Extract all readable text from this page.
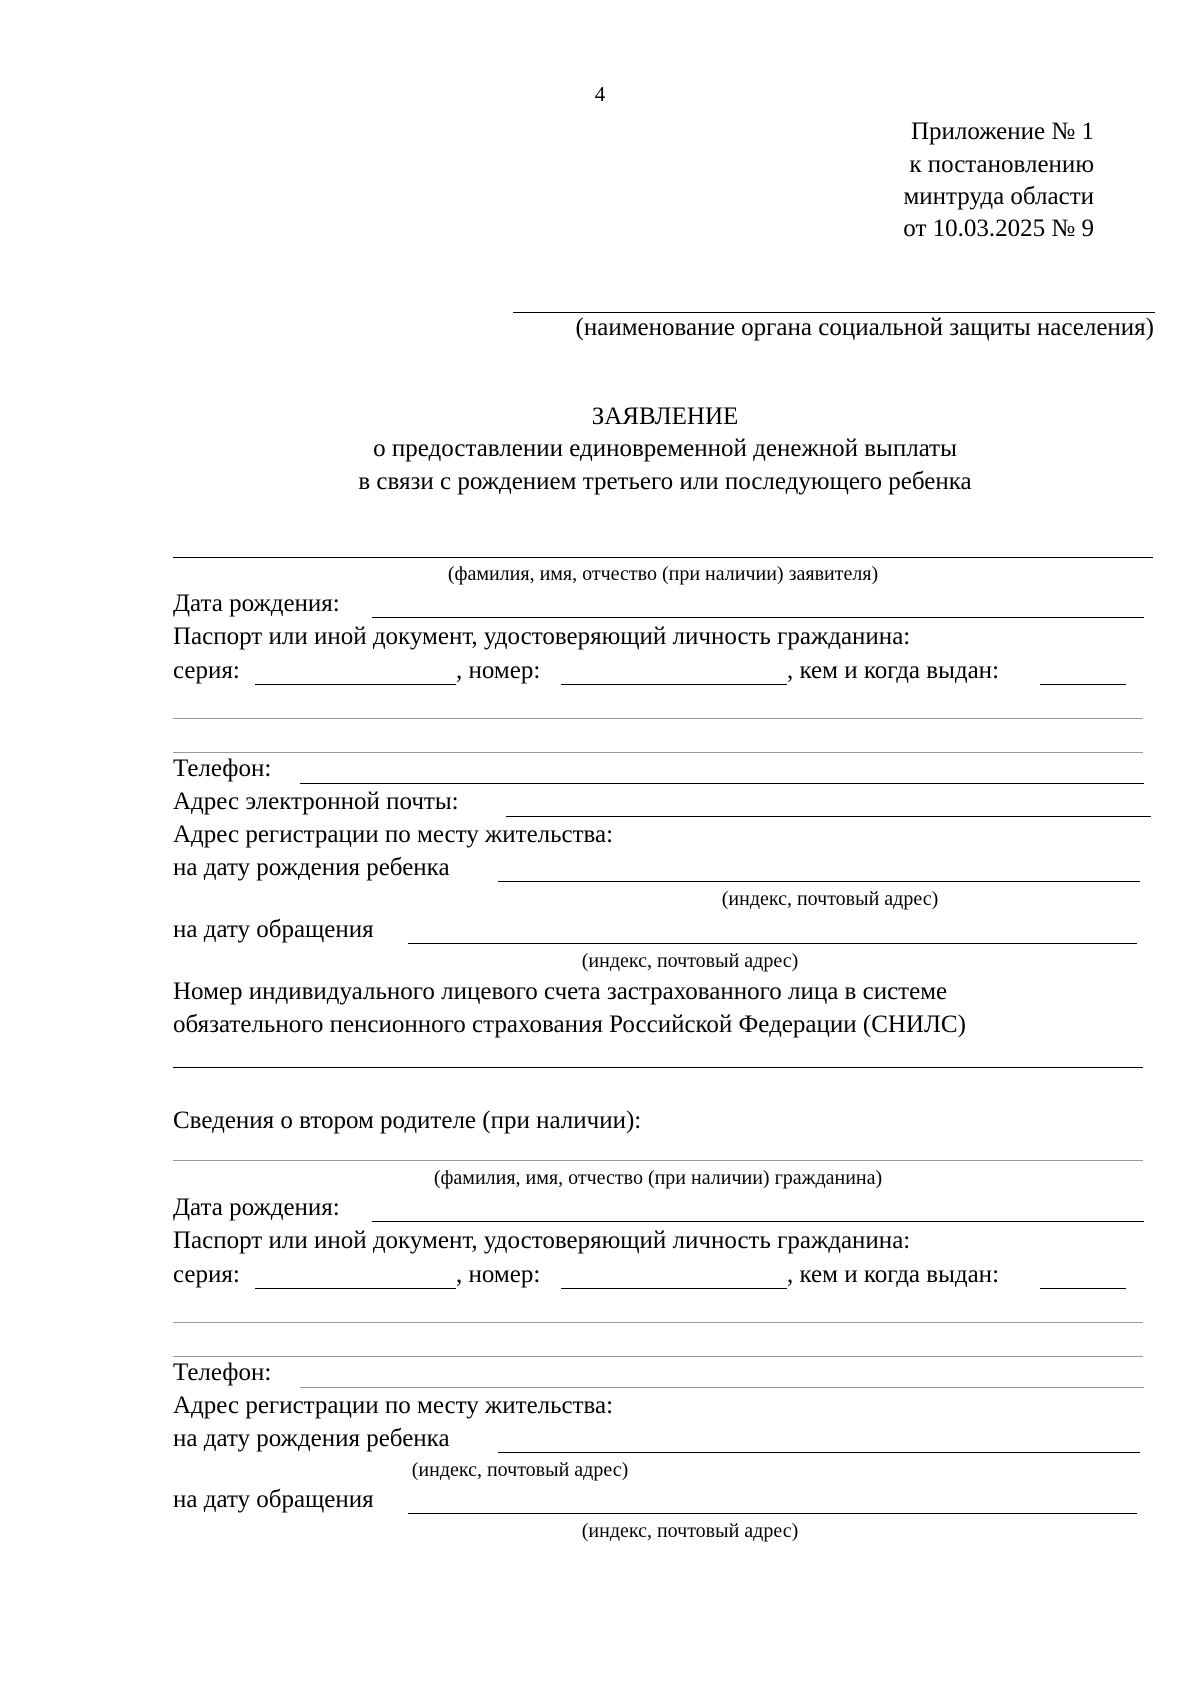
4
Приложение № 1
к постановлению
минтруда области
от 10.03.2025 № 9
(наименование органа социальной защиты населения)
ЗАЯВЛЕНИЕ
о предоставлении единовременной денежной выплаты
в связи с рождением третьего или последующего ребенка
(фамилия, имя, отчество (при наличии) заявителя)
Дата рождения:
Паспорт или иной документ, удостоверяющий личность гражданина:
серия:	, номер:	, кем и когда выдан:
Телефон:
Адрес электронной почты:
Адрес регистрации по месту жительства:
на дату рождения ребенка
(индекс, почтовый адрес)
на дату обращения
(индекс, почтовый адрес)
Номер индивидуального лицевого счета застрахованного лица в системе
обязательного пенсионного страхования Российской Федерации (СНИЛС)
Сведения о втором родителе (при наличии):
(фамилия, имя, отчество (при наличии) гражданина)
Дата рождения:
Паспорт или иной документ, удостоверяющий личность гражданина:
серия:	, номер:	, кем и когда выдан:
Телефон:
Адрес регистрации по месту жительства:
на дату рождения ребенка
(индекс, почтовый адрес)
на дату обращения
(индекс, почтовый адрес)
